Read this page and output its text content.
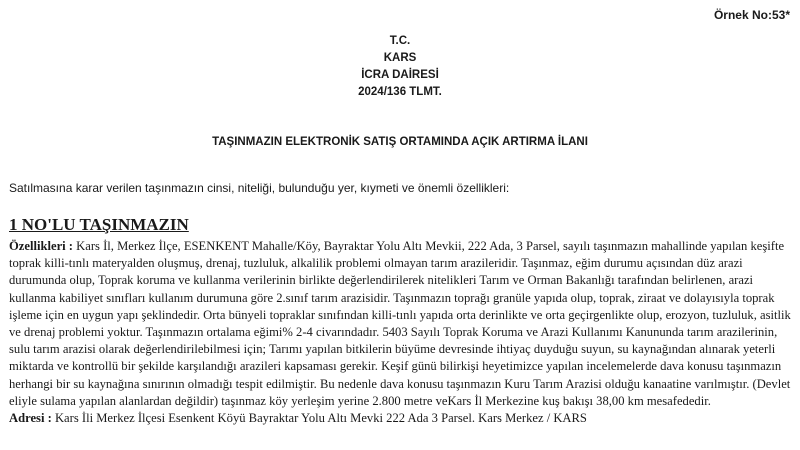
Örnek No:53*
T.C.
KARS
İCRA DAİRESİ
2024/136 TLMT.
TAŞINMAZIN ELEKTRONİK SATIŞ ORTAMINDA AÇIK ARTIRMA İLANI
Satılmasına karar verilen taşınmazın cinsi, niteliği, bulunduğu yer, kıymeti ve önemli özellikleri:
1 NO'LU TAŞINMAZIN

Özellikleri : Kars İl, Merkez İlçe, ESENKENT Mahalle/Köy, Bayraktar Yolu Altı Mevkii, 222 Ada, 3 Parsel, sayılı taşınmazın mahallinde yapılan keşifte toprak killi-tınlı materyalden oluşmuş, drenaj, tuzluluk, alkalilik problemi olmayan tarım arazileridir. Taşınmaz, eğim durumu açısından düz arazi durumunda olup, Toprak koruma ve kullanma verilerinin birlikte değerlendirilerek nitelikleri Tarım ve Orman Bakanlığı tarafından belirlenen, arazi kullanma kabiliyet sınıfları kullanım durumuna göre 2.sınıf tarım arazisidir. Taşınmazın toprağı granüle yapıda olup, toprak, ziraat ve dolayısıyla toprak işleme için en uygun yapı şeklindedir. Orta bünyeli topraklar sınıfından killi-tınlı yapıda orta derinlikte ve orta geçirgenlikte olup, erozyon, tuzluluk, asitlik ve drenaj problemi yoktur. Taşınmazın ortalama eğimi% 2-4 civarındadır. 5403 Sayılı Toprak Koruma ve Arazi Kullanımı Kanununda tarım arazilerinin, sulu tarım arazisi olarak değerlendirilebilmesi için; Tarımı yapılan bitkilerin büyüme devresinde ihtiyaç duyduğu suyun, su kaynağından alınarak yeterli miktarda ve kontrollü bir şekilde karşılandığı arazileri kapsaması gerekir. Keşif günü bilirkişi heyetimizce yapılan incelemelerde dava konusu taşınmazın herhangi bir su kaynağına sınırının olmadığı tespit edilmiştir. Bu nedenle dava konusu taşınmazın Kuru Tarım Arazisi olduğu kanaatine varılmıştır. (Devlet eliyle sulama yapılan alanlardan değildir) taşınmaz köy yerleşim yerine 2.800 metre veKars İl Merkezine kuş bakışı 38,00 km mesafededir.

Adresi : Kars İli Merkez İlçesi Esenkent Köyü Bayraktar Yolu Altı Mevki 222 Ada 3 Parsel. Kars Merkez / KARS
